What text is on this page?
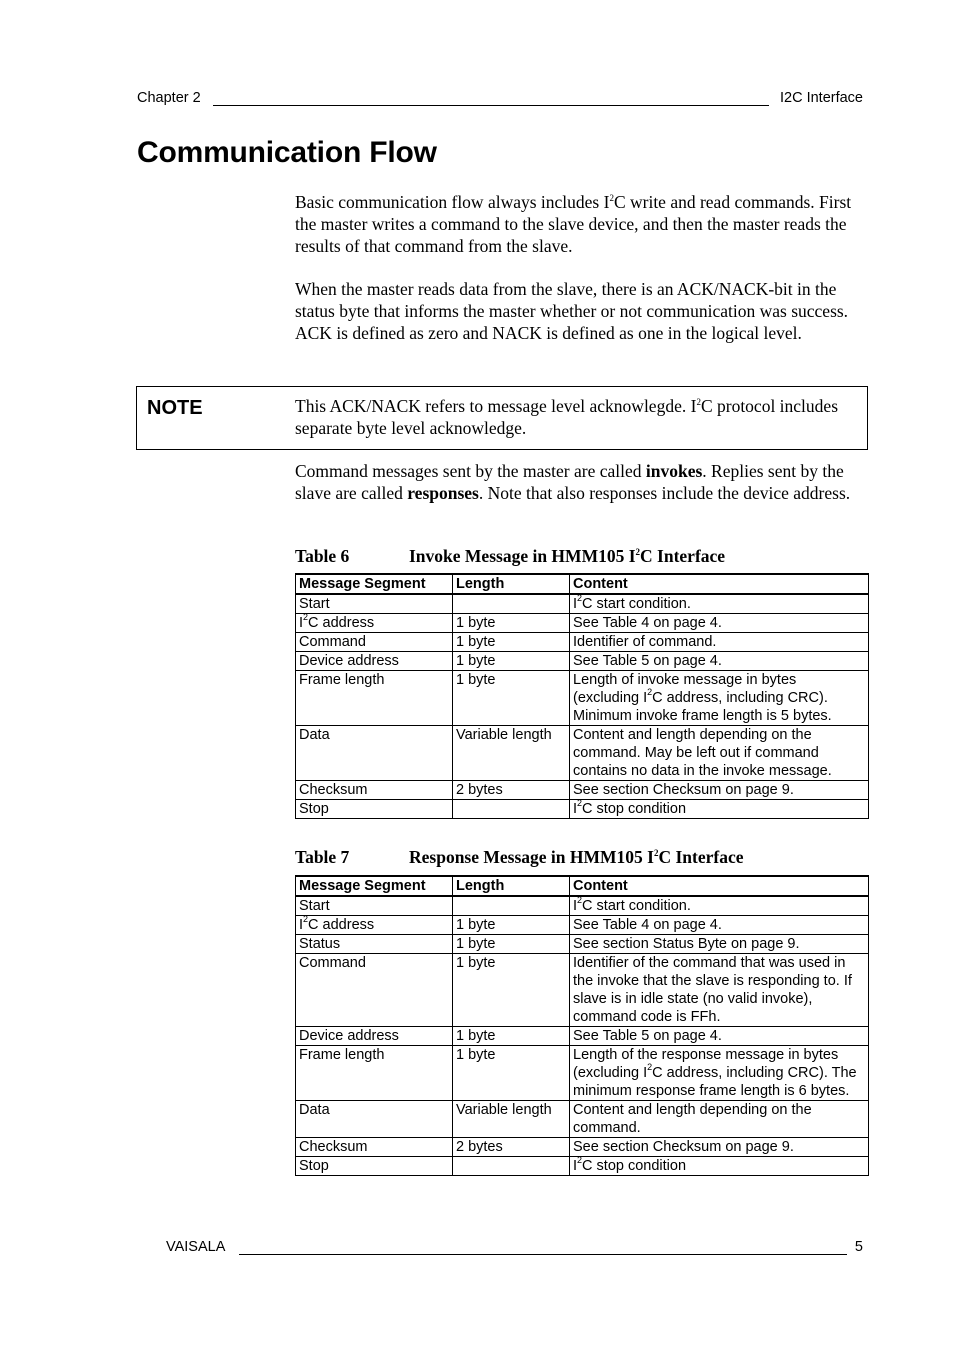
Chapter 2	I2C Interface
Communication Flow

Basic communication flow always includes $I^2C$ write and read commands. First the master writes a command to the slave device, and then the master reads the results of that command from the slave.

When the master reads data from the slave, there is an ACK/NACK-bit in the status byte that informs the master whether or not communication was success. ACK is defined as zero and NACK is defined as one in the logical level.

NOTE	This ACK/NACK refers to message level acknowlegde. $I^2C$ protocol includes separate byte level acknowledge.

Command messages sent by the master are called invokes. Replies sent by the slave are called responses. Note that also responses include the device address.

Table 6	Invoke Message in HMM105 $I^2C$ Interface
Message Segment	Length	Content
Start		$I^2C$ start condition.
$I^2C$ address	1 byte	See Table 4 on page 4.
Command	1 byte	Identifier of command.
Device address	1 byte	See Table 5 on page 4.
Frame length	1 byte	Length of invoke message in bytes (excluding $I^2C$ address, including CRC). Minimum invoke frame length is 5 bytes.
Data	Variable length	Content and length depending on the command. May be left out if command contains no data in the invoke message.
Checksum	2 bytes	See section Checksum on page 9.
Stop		$I^2C$ stop condition
Table 7	Response Message in HMM105 $I^2C$ Interface
Message Segment	Length	Content
Start		$I^2C$ start condition.
$I^2C$ address	1 byte	See Table 4 on page 4.
Status	1 byte	See section Status Byte on page 9.
Command	1 byte	Identifier of the command that was used in the invoke that the slave is responding to. If slave is in idle state (no valid invoke), command code is FFh.
Device address	1 byte	See Table 5 on page 4.
Frame length	1 byte	Length of the response message in bytes (excluding $I^2C$ address, including CRC). The minimum response frame length is 6 bytes.
Data	Variable length	Content and length depending on the command.
Checksum	2 bytes	See section Checksum on page 9.
Stop		$I^2C$ stop condition
VAISALA	5
